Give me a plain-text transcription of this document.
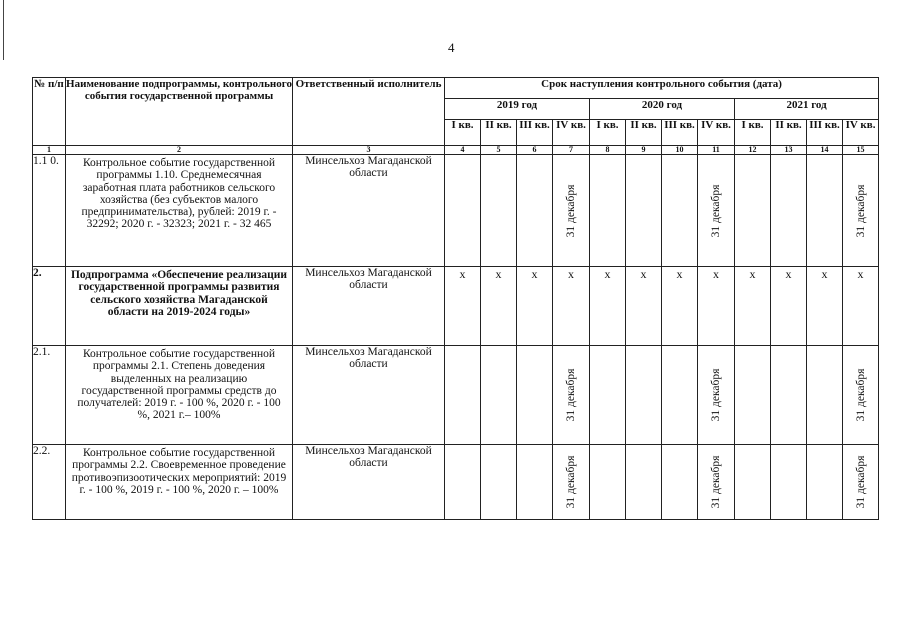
4
№ п/п	Наименование подпрограммы, контрольного события государственной программы	Ответственный исполнитель	Срок наступления контрольного события (дата)											
			2019 год				2020 год				2021 год			
			I кв.	II кв.	III кв.	IV кв.	I кв.	II кв.	III кв.	IV кв.	I кв.	II кв.	III кв.	IV кв.
1	2	3	4	5	6	7	8	9	10	11	12	13	14	15
1.1 0.	Контрольное событие государственной программы 1.10. Среднемесячная заработная плата работников сельского хозяйства (без субъектов малого предпринимательства), рублей: 2019 г. - 32292; 2020 г. - 32323; 2021 г. - 32 465	Минсельхоз Магаданской области				31 декабря				31 декабря				31 декабря

2.	Подпрограмма «Обеспечение реализации государственной программы развития сельского хозяйства Магаданской области на 2019-2024 годы»	Минсельхоз Магаданской области	х	х	х	х	х	х	х	х	х	х	х	х
2.1.	Контрольное событие государственной программы 2.1. Степень доведения выделенных на реализацию государственной программы средств до получателей: 2019 г. - 100 %, 2020 г. - 100 %, 2021 г.– 100%	Минсельхоз Магаданской области				31 декабря				31 декабря				31 декабря

2.2.	Контрольное событие государственной программы 2.2. Своевременное проведение противоэпизоотических мероприятий: 2019 г. - 100 %, 2019 г. - 100 %, 2020 г. – 100%	Минсельхоз Магаданской области				31 декабря				31 декабря				31 декабря
